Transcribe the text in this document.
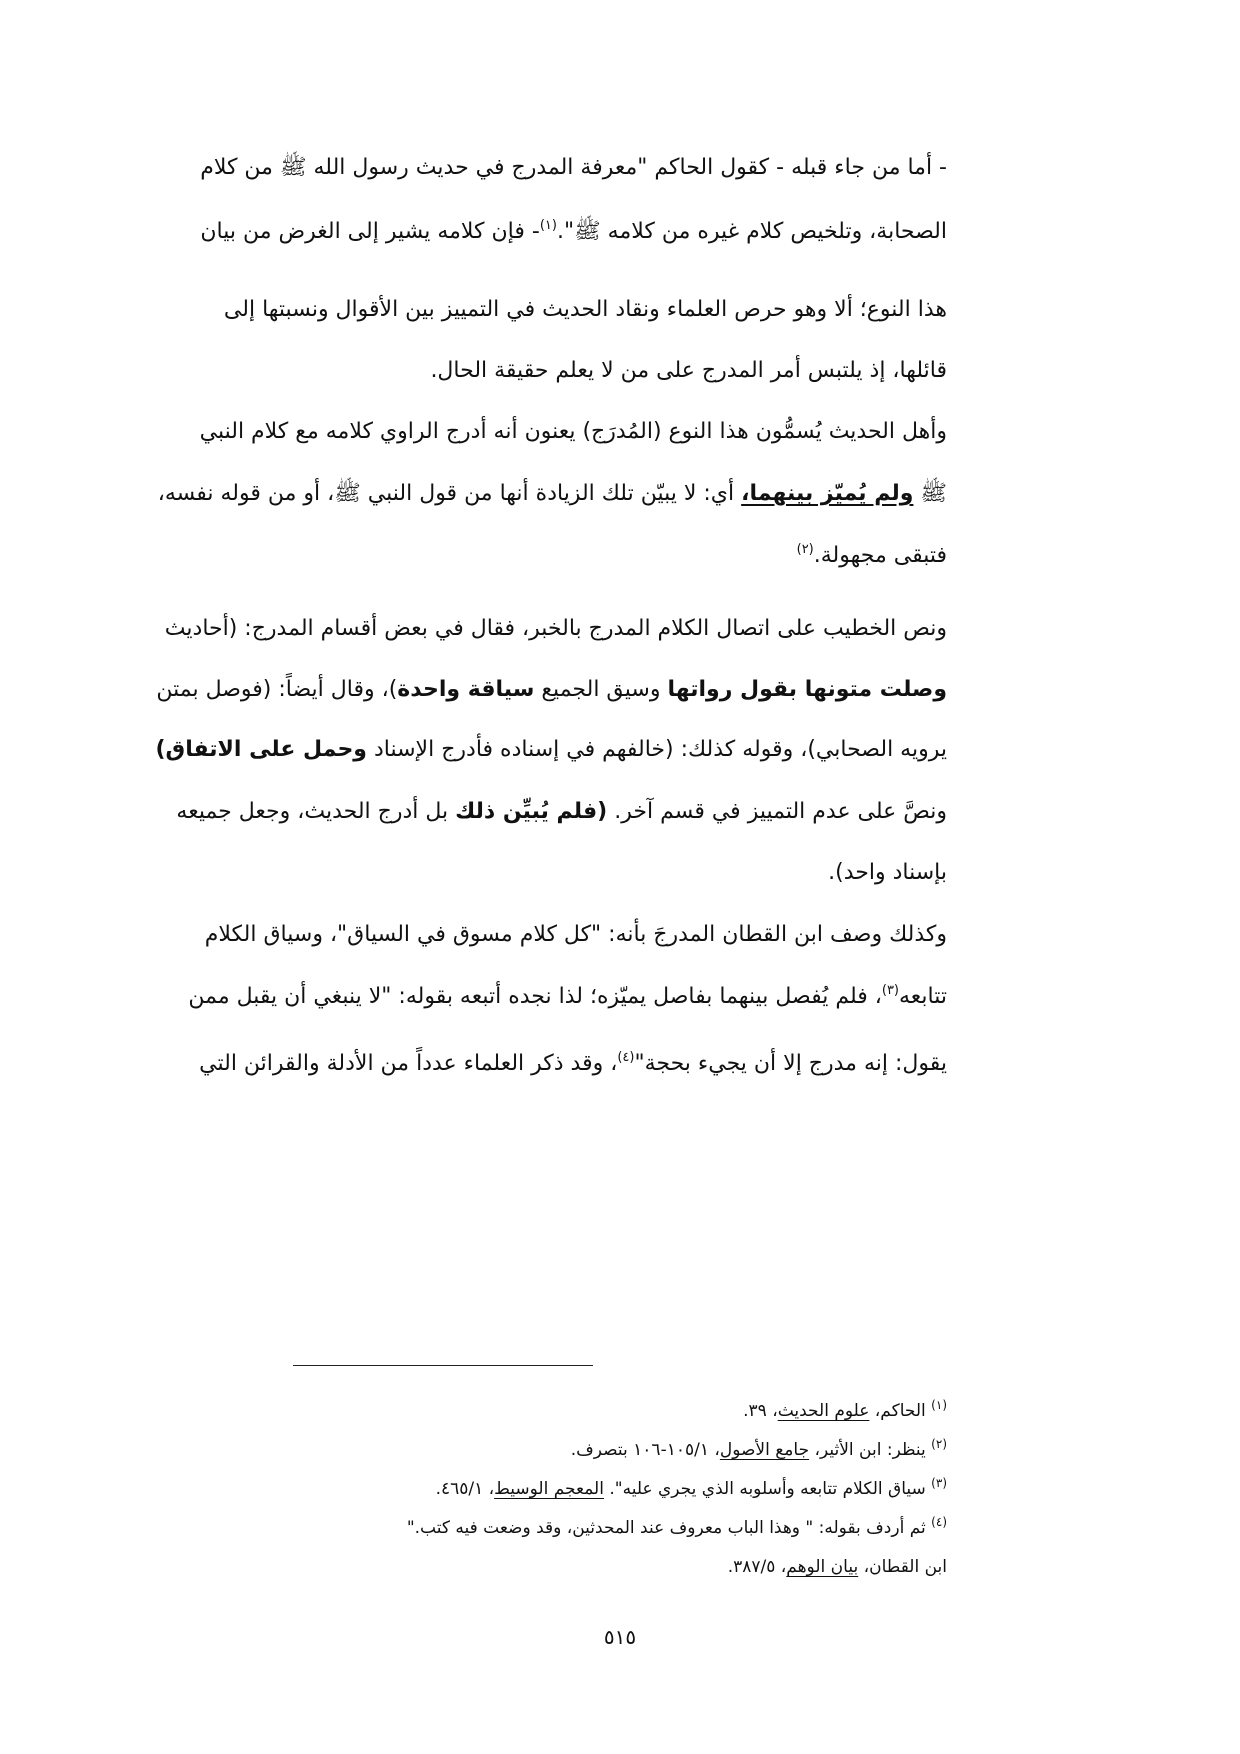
- أما من جاء قبله - كقول الحاكم "معرفة المدرج في حديث رسول الله ﷺ من كلام

الصحابة، وتلخيص كلام غيره من كلامه ﷺ".$^{(١)}$- فإن كلامه يشير إلى الغرض من بيان

هذا النوع؛ ألا وهو حرص العلماء ونقاد الحديث في التمييز بين الأقوال ونسبتها إلى

قائلها، إذ يلتبس أمر المدرج على من لا يعلم حقيقة الحال.

وأهل الحديث يُسمُّون هذا النوع (المُدرَج) يعنون أنه أدرج الراوي كلامه مع كلام النبي

ﷺ ولم يُميّز بينهما، أي: لا يبيّن تلك الزيادة أنها من قول النبي ﷺ، أو من قوله نفسه،

فتبقى مجهولة.$^{(٢)}$

ونص الخطيب على اتصال الكلام المدرج بالخبر، فقال في بعض أقسام المدرج: (أحاديث

وصلت متونها بقول رواتها وسيق الجميع سياقة واحدة)، وقال أيضاً: (فوصل بمتن

يرويه الصحابي)، وقوله كذلك: (خالفهم في إسناده فأدرج الإسناد وحمل على الاتفاق)

ونصَّ على عدم التمييز في قسم آخر. (فلم يُبيِّن ذلك بل أدرج الحديث، وجعل جميعه

بإسناد واحد).

وكذلك وصف ابن القطان المدرجَ بأنه: "كل كلام مسوق في السياق"، وسياق الكلام

تتابعه$^{(٣)}$، فلم يُفصل بينهما بفاصل يميّزه؛ لذا نجده أتبعه بقوله: "لا ينبغي أن يقبل ممن

يقول: إنه مدرج إلا أن يجيء بحجة"$^{(٤)}$، وقد ذكر العلماء عدداً من الأدلة والقرائن التي

$^{(١)}$ الحاكم، علوم الحديث، ٣٩.

$^{(٢)}$ ينظر: ابن الأثير، جامع الأصول، ١٠٥/١-١٠٦ بتصرف.

$^{(٣)}$ سياق الكلام تتابعه وأسلوبه الذي يجري عليه". المعجم الوسيط، ٤٦٥/١.

$^{(٤)}$ ثم أردف بقوله: " وهذا الباب معروف عند المحدثين، وقد وضعت فيه كتب."

ابن القطان، بيان الوهم، ٣٨٧/٥.

٥١٥
